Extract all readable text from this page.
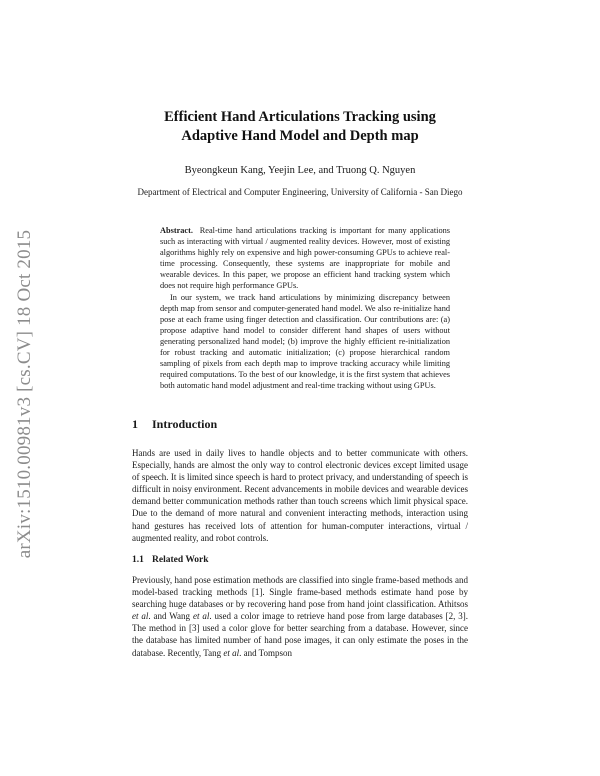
arXiv:1510.00981v3 [cs.CV] 18 Oct 2015
Efficient Hand Articulations Tracking using
Adaptive Hand Model and Depth map
Byeongkeun Kang, Yeejin Lee, and Truong Q. Nguyen
Department of Electrical and Computer Engineering, University of California - San Diego

Abstract. Real-time hand articulations tracking is important for many applications such as interacting with virtual / augmented reality devices. However, most of existing algorithms highly rely on expensive and high power-consuming GPUs to achieve real-time processing. Consequently, these systems are inappropriate for mobile and wearable devices. In this paper, we propose an efficient hand tracking system which does not require high performance GPUs.

In our system, we track hand articulations by minimizing discrepancy between depth map from sensor and computer-generated hand model. We also re-initialize hand pose at each frame using finger detection and classification. Our contributions are: (a) propose adaptive hand model to consider different hand shapes of users without generating personalized hand model; (b) improve the highly efficient re-initialization for robust tracking and automatic initialization; (c) propose hierarchical random sampling of pixels from each depth map to improve tracking accuracy while limiting required computations. To the best of our knowledge, it is the first system that achieves both automatic hand model adjustment and real-time tracking without using GPUs.

1 Introduction

Hands are used in daily lives to handle objects and to better communicate with others. Especially, hands are almost the only way to control electronic devices except limited usage of speech. It is limited since speech is hard to protect privacy, and understanding of speech is difficult in noisy environment. Recent advancements in mobile devices and wearable devices demand better communication methods rather than touch screens which limit physical space. Due to the demand of more natural and convenient interacting methods, interaction using hand gestures has received lots of attention for human-computer interactions, virtual / augmented reality, and robot controls.

1.1 Related Work

Previously, hand pose estimation methods are classified into single frame-based methods and model-based tracking methods [1]. Single frame-based methods estimate hand pose by searching huge databases or by recovering hand pose from hand joint classification. Athitsos et al. and Wang et al. used a color image to retrieve hand pose from large databases [2, 3]. The method in [3] used a color glove for better searching from a database. However, since the database has limited number of hand pose images, it can only estimate the poses in the database. Recently, Tang et al. and Tompson
